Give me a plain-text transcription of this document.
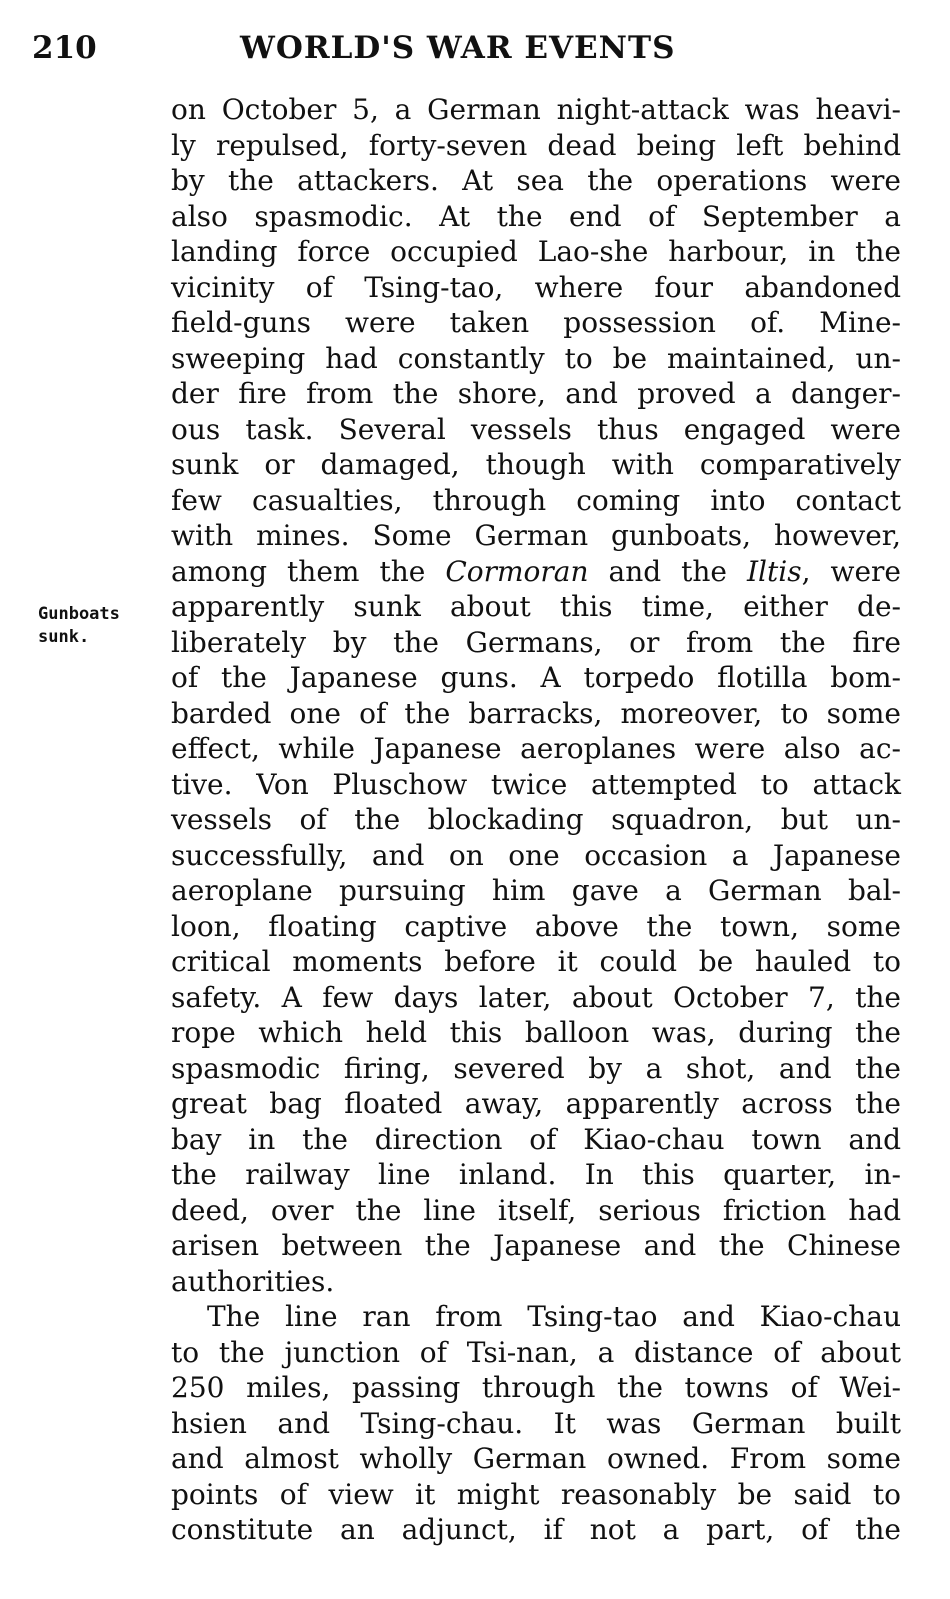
210	WORLD'S WAR EVENTS
Gunboats
sunk.
on October 5, a German night-attack was heavi-
ly repulsed, forty-seven dead being left behind
by the attackers. At sea the operations were
also spasmodic. At the end of September a
landing force occupied Lao-she harbour, in the
vicinity of Tsing-tao, where four abandoned
field-guns were taken possession of. Mine-
sweeping had constantly to be maintained, un-
der fire from the shore, and proved a danger-
ous task. Several vessels thus engaged were
sunk or damaged, though with comparatively
few casualties, through coming into contact
with mines. Some German gunboats, however,
among them the Cormoran and the Iltis, were
apparently sunk about this time, either de-
liberately by the Germans, or from the fire
of the Japanese guns. A torpedo flotilla bom-
barded one of the barracks, moreover, to some
effect, while Japanese aeroplanes were also ac-
tive. Von Pluschow twice attempted to attack
vessels of the blockading squadron, but un-
successfully, and on one occasion a Japanese
aeroplane pursuing him gave a German bal-
loon, floating captive above the town, some
critical moments before it could be hauled to
safety. A few days later, about October 7, the
rope which held this balloon was, during the
spasmodic firing, severed by a shot, and the
great bag floated away, apparently across the
bay in the direction of Kiao-chau town and
the railway line inland. In this quarter, in-
deed, over the line itself, serious friction had
arisen between the Japanese and the Chinese
authorities.
The line ran from Tsing-tao and Kiao-chau
to the junction of Tsi-nan, a distance of about
250 miles, passing through the towns of Wei-
hsien and Tsing-chau. It was German built
and almost wholly German owned. From some
points of view it might reasonably be said to
constitute an adjunct, if not a part, of the
